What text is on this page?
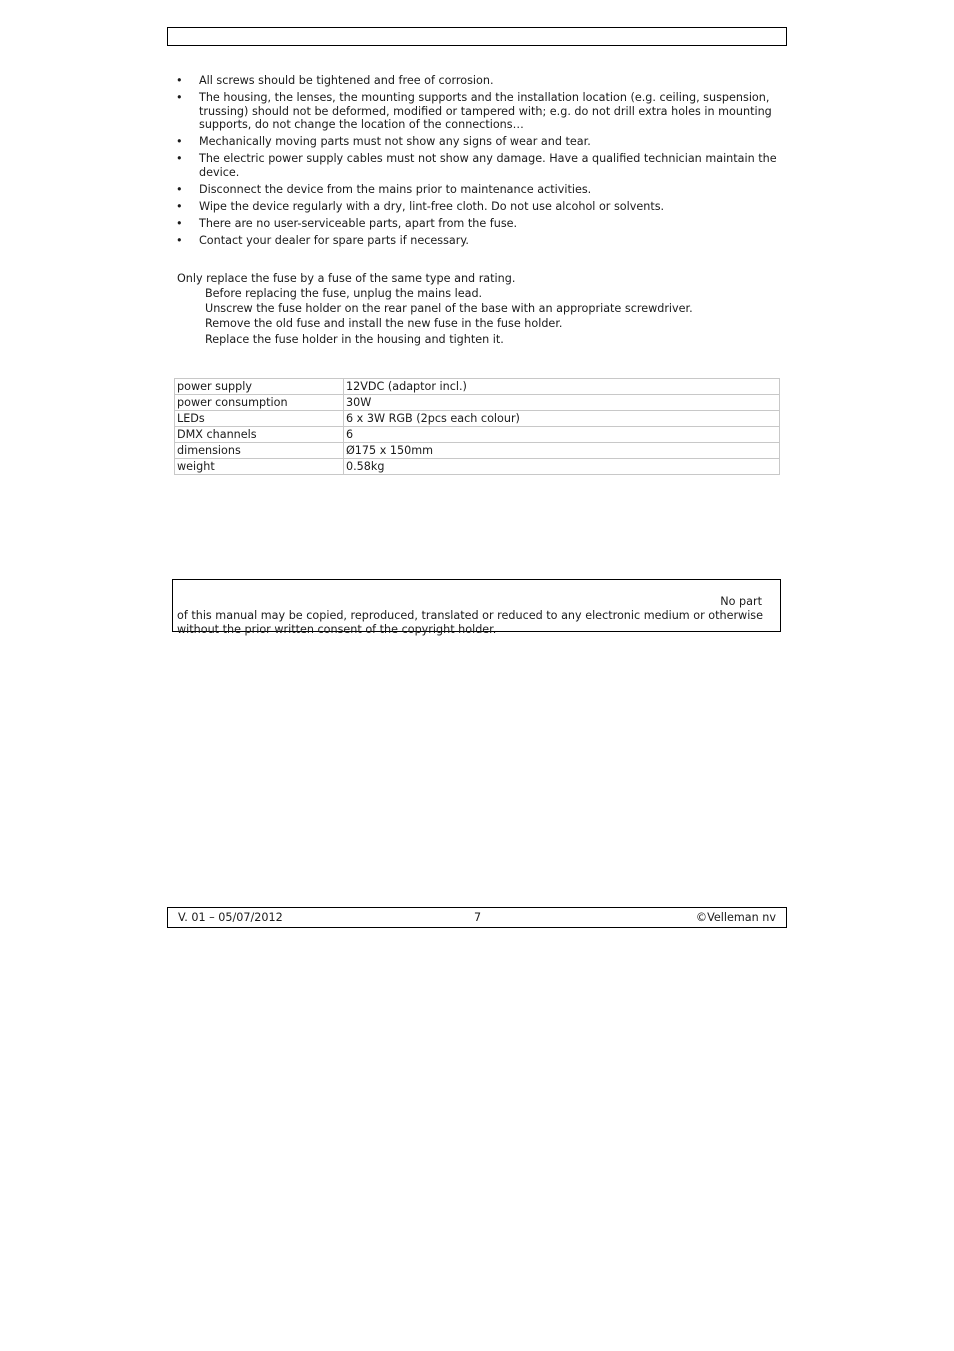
• All screws should be tightened and free of corrosion.
• The housing, the lenses, the mounting supports and the installation location (e.g. ceiling, suspension, trussing) should not be deformed, modified or tampered with; e.g. do not drill extra holes in mounting supports, do not change the location of the connections…
• Mechanically moving parts must not show any signs of wear and tear.
• The electric power supply cables must not show any damage. Have a qualified technician maintain the device.
• Disconnect the device from the mains prior to maintenance activities.
• Wipe the device regularly with a dry, lint-free cloth. Do not use alcohol or solvents.
• There are no user-serviceable parts, apart from the fuse.
• Contact your dealer for spare parts if necessary.
Only replace the fuse by a fuse of the same type and rating.
Before replacing the fuse, unplug the mains lead.
Unscrew the fuse holder on the rear panel of the base with an appropriate screwdriver.
Remove the old fuse and install the new fuse in the fuse holder.
Replace the fuse holder in the housing and tighten it.
power supply	12VDC (adaptor incl.)
power consumption	30W
LEDs	6 x 3W RGB (2pcs each colour)
DMX channels	6
dimensions	Ø175 x 150mm
weight	0.58kg
No part
of this manual may be copied, reproduced, translated or reduced to any electronic medium or otherwise without the prior written consent of the copyright holder.
V. 01 – 05/07/2012	7	©Velleman nv
